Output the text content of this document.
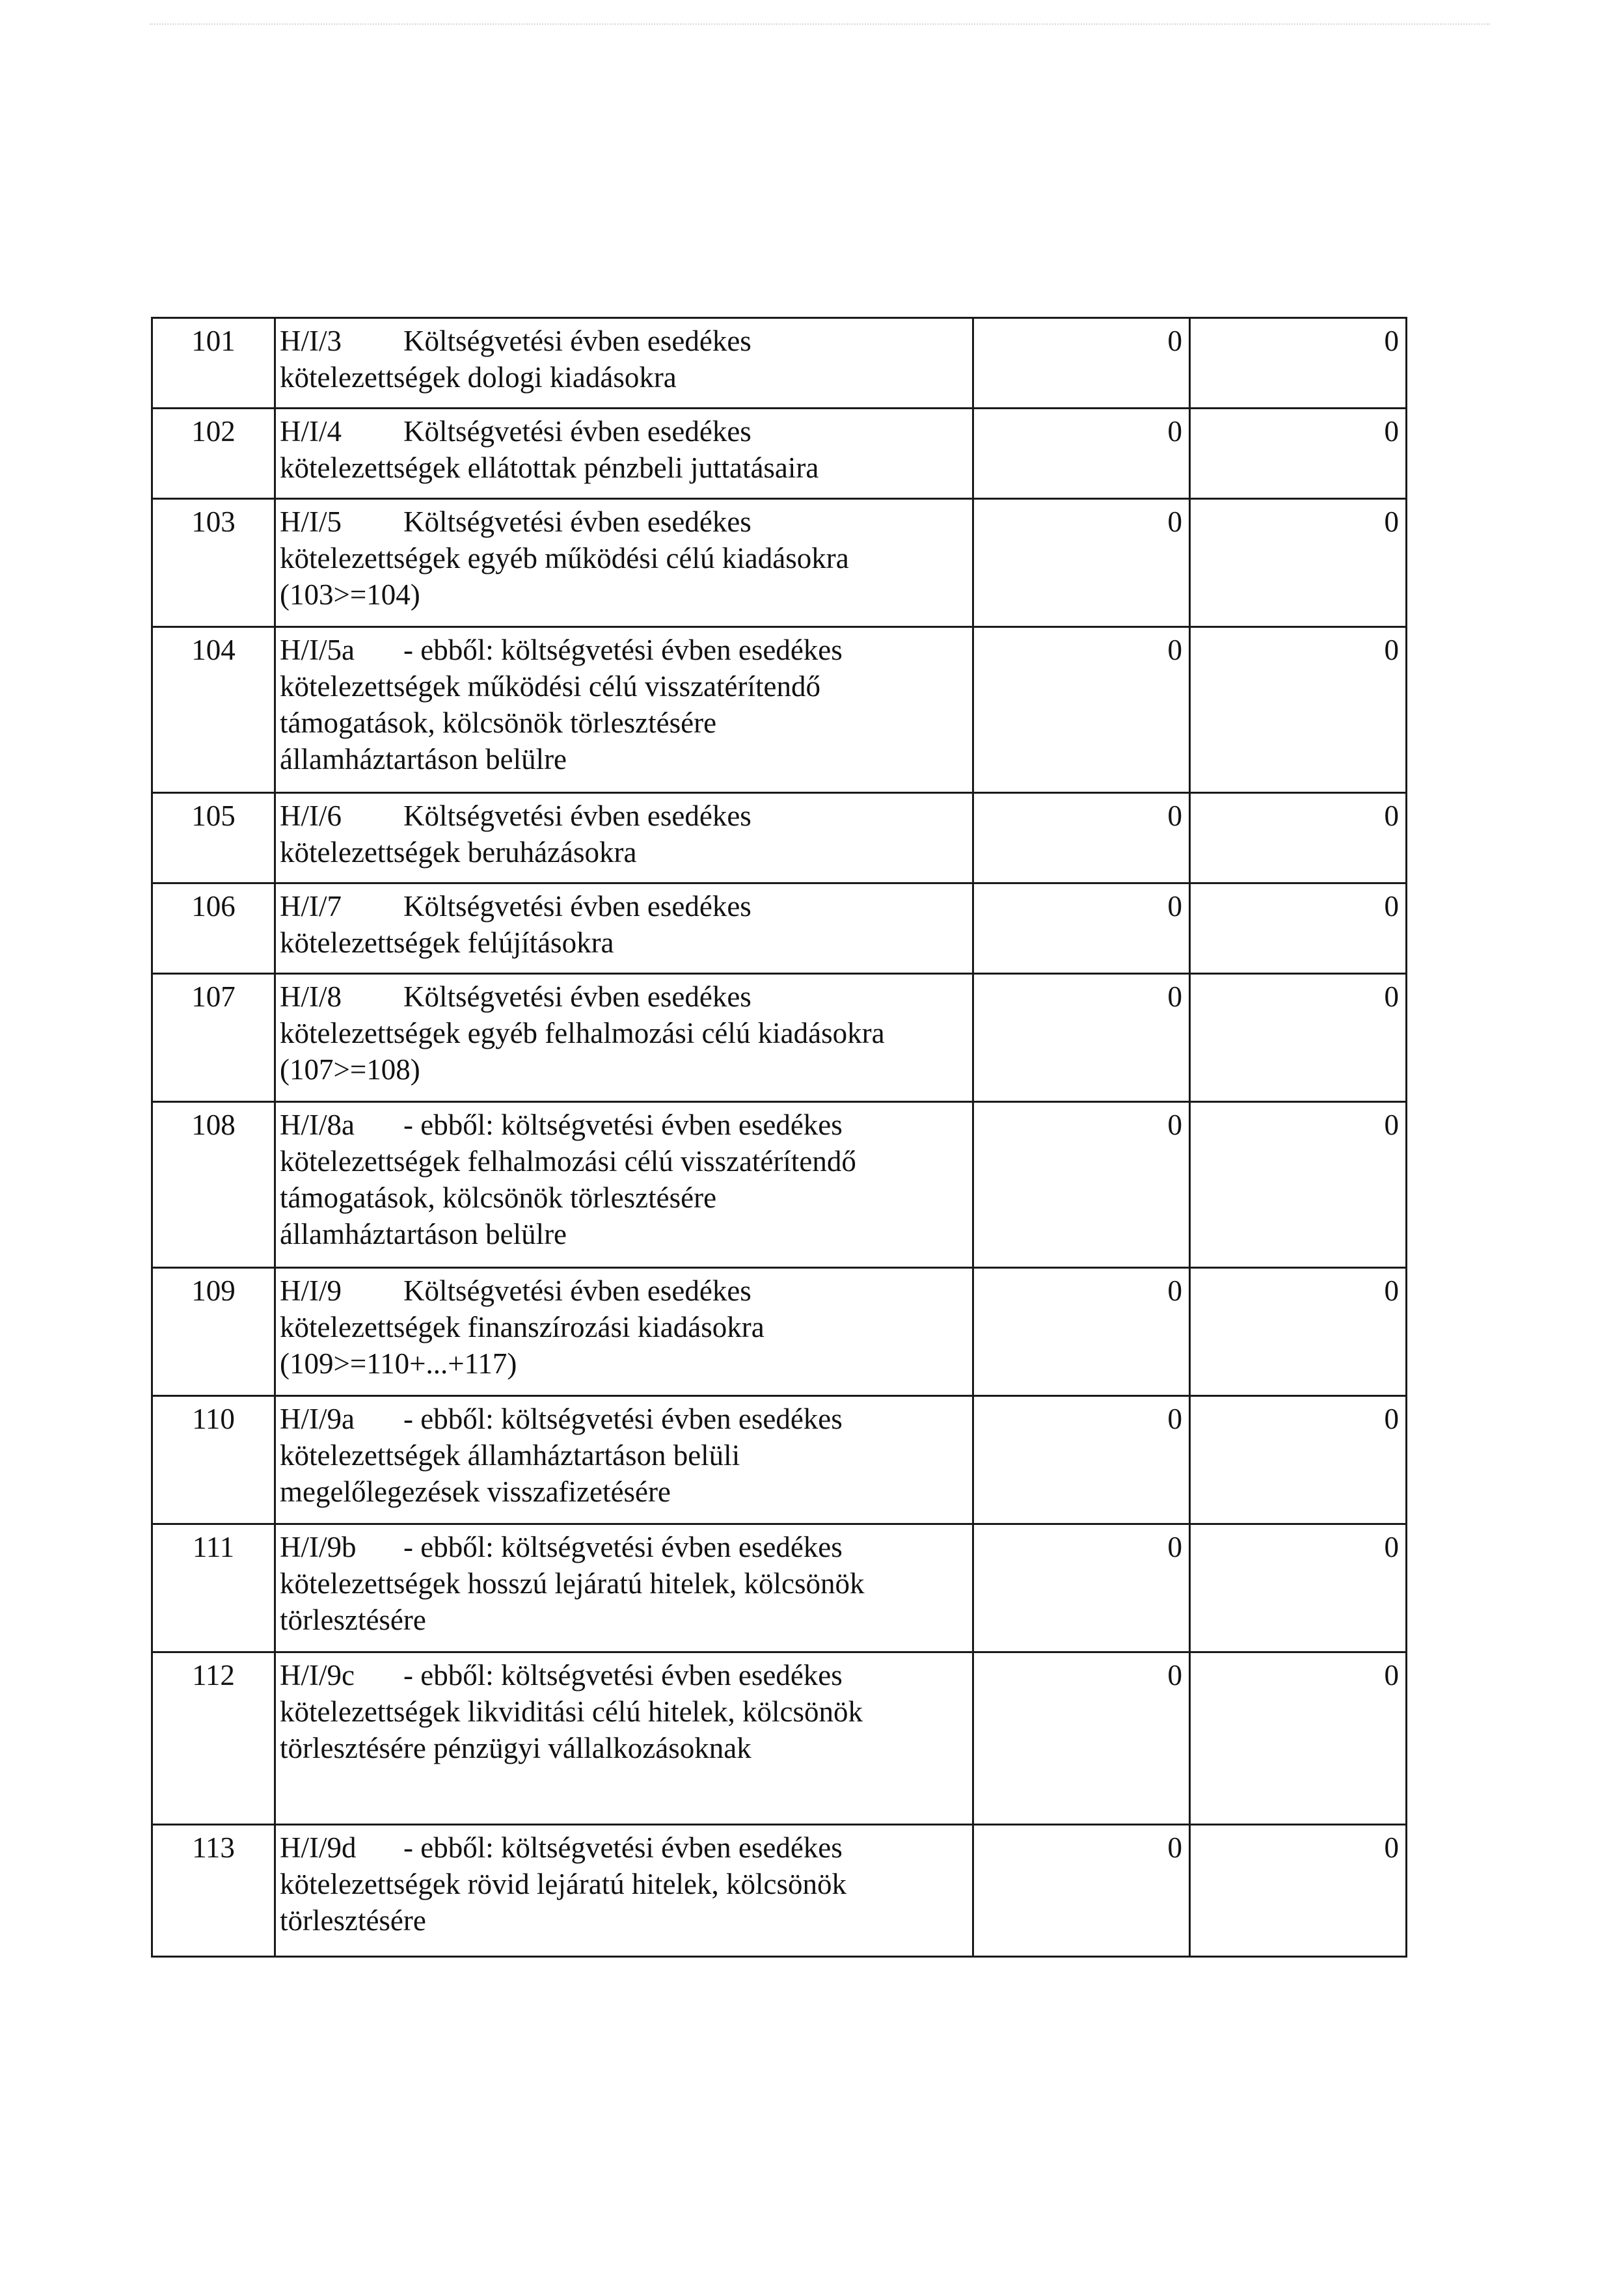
101	H/I/3 Költségvetési évben esedékes
kötelezettségek dologi kiadásokra	0	0
102	H/I/4 Költségvetési évben esedékes
kötelezettségek ellátottak pénzbeli juttatásaira	0	0
103	H/I/5 Költségvetési évben esedékes
kötelezettségek egyéb működési célú kiadásokra
(103>=104)	0	0
104	H/I/5a - ebből: költségvetési évben esedékes
kötelezettségek működési célú visszatérítendő
támogatások, kölcsönök törlesztésére
államháztartáson belülre	0	0
105	H/I/6 Költségvetési évben esedékes
kötelezettségek beruházásokra	0	0
106	H/I/7 Költségvetési évben esedékes
kötelezettségek felújításokra	0	0
107	H/I/8 Költségvetési évben esedékes
kötelezettségek egyéb felhalmozási célú kiadásokra
(107>=108)	0	0
108	H/I/8a - ebből: költségvetési évben esedékes
kötelezettségek felhalmozási célú visszatérítendő
támogatások, kölcsönök törlesztésére
államháztartáson belülre	0	0
109	H/I/9 Költségvetési évben esedékes
kötelezettségek finanszírozási kiadásokra
(109>=110+...+117)	0	0
110	H/I/9a - ebből: költségvetési évben esedékes
kötelezettségek államháztartáson belüli
megelőlegezések visszafizetésére	0	0
111	H/I/9b - ebből: költségvetési évben esedékes
kötelezettségek hosszú lejáratú hitelek, kölcsönök
törlesztésére	0	0
112	H/I/9c - ebből: költségvetési évben esedékes
kötelezettségek likviditási célú hitelek, kölcsönök
törlesztésére pénzügyi vállalkozásoknak	0	0
113	H/I/9d - ebből: költségvetési évben esedékes
kötelezettségek rövid lejáratú hitelek, kölcsönök
törlesztésére	0	0
